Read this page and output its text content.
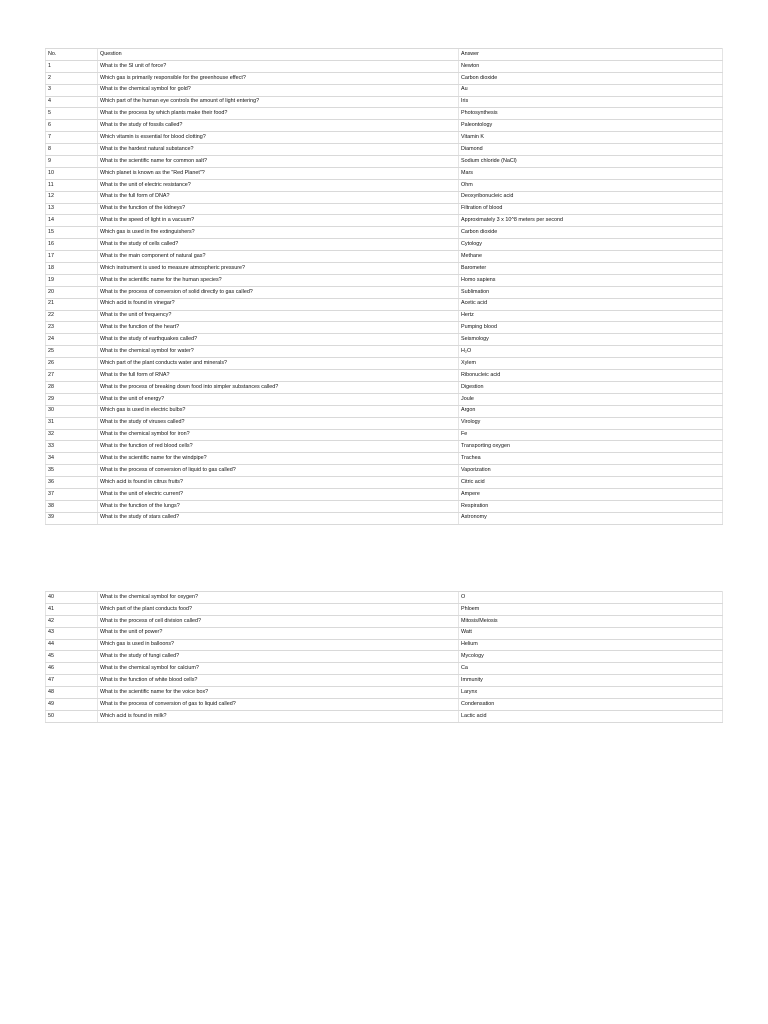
No.	Question	Answer
1	What is the SI unit of force?	Newton
2	Which gas is primarily responsible for the greenhouse effect?	Carbon dioxide
3	What is the chemical symbol for gold?	Au
4	Which part of the human eye controls the amount of light entering?	Iris
5	What is the process by which plants make their food?	Photosynthesis
6	What is the study of fossils called?	Paleontology
7	Which vitamin is essential for blood clotting?	Vitamin K
8	What is the hardest natural substance?	Diamond
9	What is the scientific name for common salt?	Sodium chloride (NaCl)
10	Which planet is known as the "Red Planet"?	Mars
11	What is the unit of electric resistance?	Ohm
12	What is the full form of DNA?	Deoxyribonucleic acid
13	What is the function of the kidneys?	Filtration of blood
14	What is the speed of light in a vacuum?	Approximately 3 x 10^8 meters per second
15	Which gas is used in fire extinguishers?	Carbon dioxide
16	What is the study of cells called?	Cytology
17	What is the main component of natural gas?	Methane
18	Which instrument is used to measure atmospheric pressure?	Barometer
19	What is the scientific name for the human species?	Homo sapiens
20	What is the process of conversion of solid directly to gas called?	Sublimation
21	Which acid is found in vinegar?	Acetic acid
22	What is the unit of frequency?	Hertz
23	What is the function of the heart?	Pumping blood
24	What is the study of earthquakes called?	Seismology
25	What is the chemical symbol for water?	H₂O
26	Which part of the plant conducts water and minerals?	Xylem
27	What is the full form of RNA?	Ribonucleic acid
28	What is the process of breaking down food into simpler substances called?	Digestion
29	What is the unit of energy?	Joule
30	Which gas is used in electric bulbs?	Argon
31	What is the study of viruses called?	Virology
32	What is the chemical symbol for iron?	Fe
33	What is the function of red blood cells?	Transporting oxygen
34	What is the scientific name for the windpipe?	Trachea
35	What is the process of conversion of liquid to gas called?	Vaporization
36	Which acid is found in citrus fruits?	Citric acid
37	What is the unit of electric current?	Ampere
38	What is the function of the lungs?	Respiration
39	What is the study of stars called?	Astronomy
40	What is the chemical symbol for oxygen?	O
41	Which part of the plant conducts food?	Phloem
42	What is the process of cell division called?	Mitosis/Meiosis
43	What is the unit of power?	Watt
44	Which gas is used in balloons?	Helium
45	What is the study of fungi called?	Mycology
46	What is the chemical symbol for calcium?	Ca
47	What is the function of white blood cells?	Immunity
48	What is the scientific name for the voice box?	Larynx
49	What is the process of conversion of gas to liquid called?	Condensation
50	Which acid is found in milk?	Lactic acid
